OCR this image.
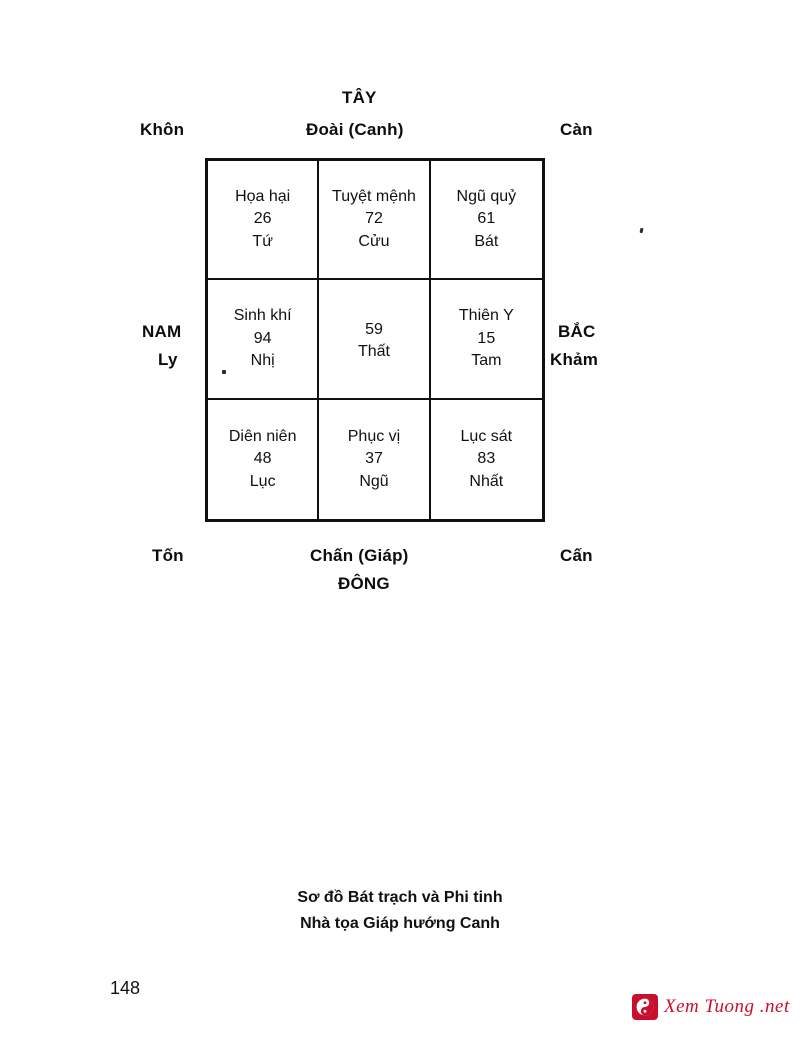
TÂY
Đoài (Canh)
Khôn	Càn
NAM
Ly
BẮC
Khảm
Tốn	Chấn (Giáp)
ĐÔNG
Cấn
Họa hại
26
Tứ
Tuyệt mệnh
72
Cửu
Ngũ quỷ
61
Bát
Sinh khí
94
Nhị
59
Thất
Thiên Y
15
Tam
Diên niên
48
Lục
Phục vị
37
Ngũ
Lục sát
83
Nhất
Sơ đồ Bát trạch và Phi tinh
Nhà tọa Giáp hướng Canh
148
Xem Tuong .net
